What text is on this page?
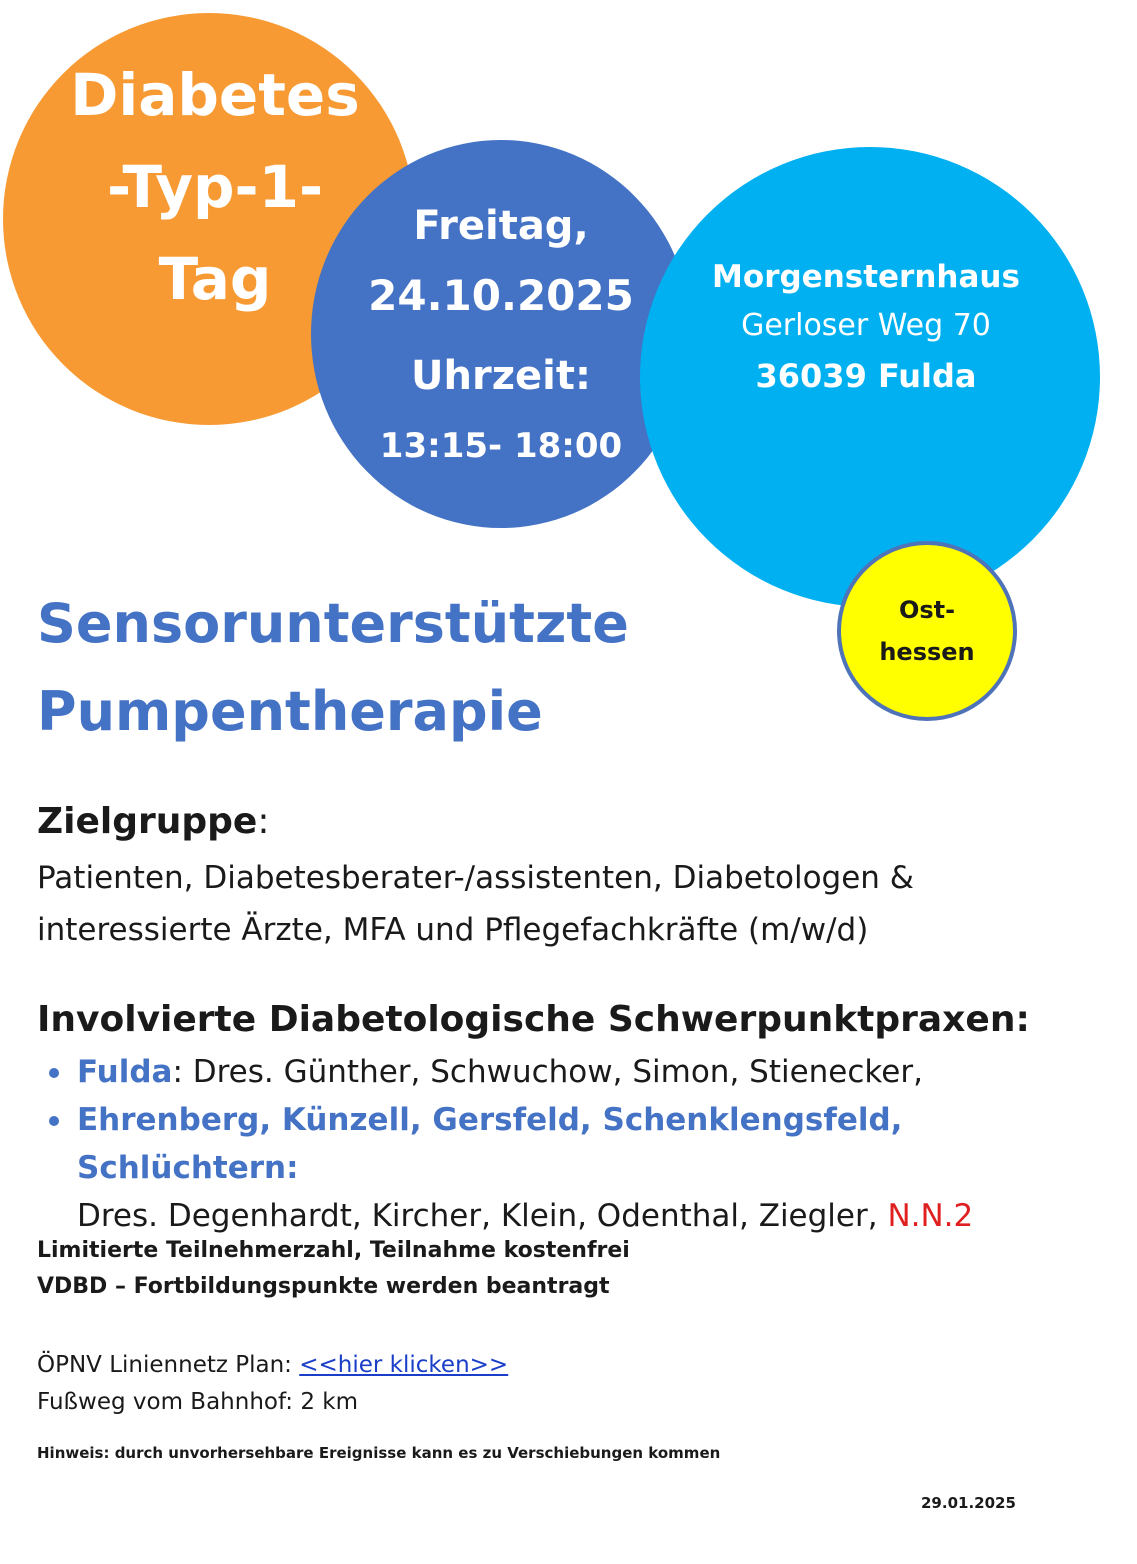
Diabetes
-Typ-1-
Tag
Freitag,
24.10.2025
Uhrzeit:
13:15- 18:00
Morgensternhaus
Gerloser Weg 70
36039 Fulda
Ost-
hessen
Sensorunterstützte
Pumpentherapie
Zielgruppe:

Patienten, Diabetesberater-/assistenten, Diabetologen &
interessierte Ärzte, MFA und Pflegefachkräfte (m/w/d)

Involvierte Diabetologische Schwerpunktpraxen:
Fulda: Dres. Günther, Schwuchow, Simon, Stienecker,
Ehrenberg, Künzell, Gersfeld, Schenklengsfeld, Schlüchtern:
Dres. Degenhardt, Kircher, Klein, Odenthal, Ziegler, N.N.2

Limitierte Teilnehmerzahl, Teilnahme kostenfrei

VDBD – Fortbildungspunkte werden beantragt

ÖPNV Liniennetz Plan: <<hier klicken>>

Fußweg vom Bahnhof: 2 km

Hinweis: durch unvorhersehbare Ereignisse kann es zu Verschiebungen kommen

29.01.2025
